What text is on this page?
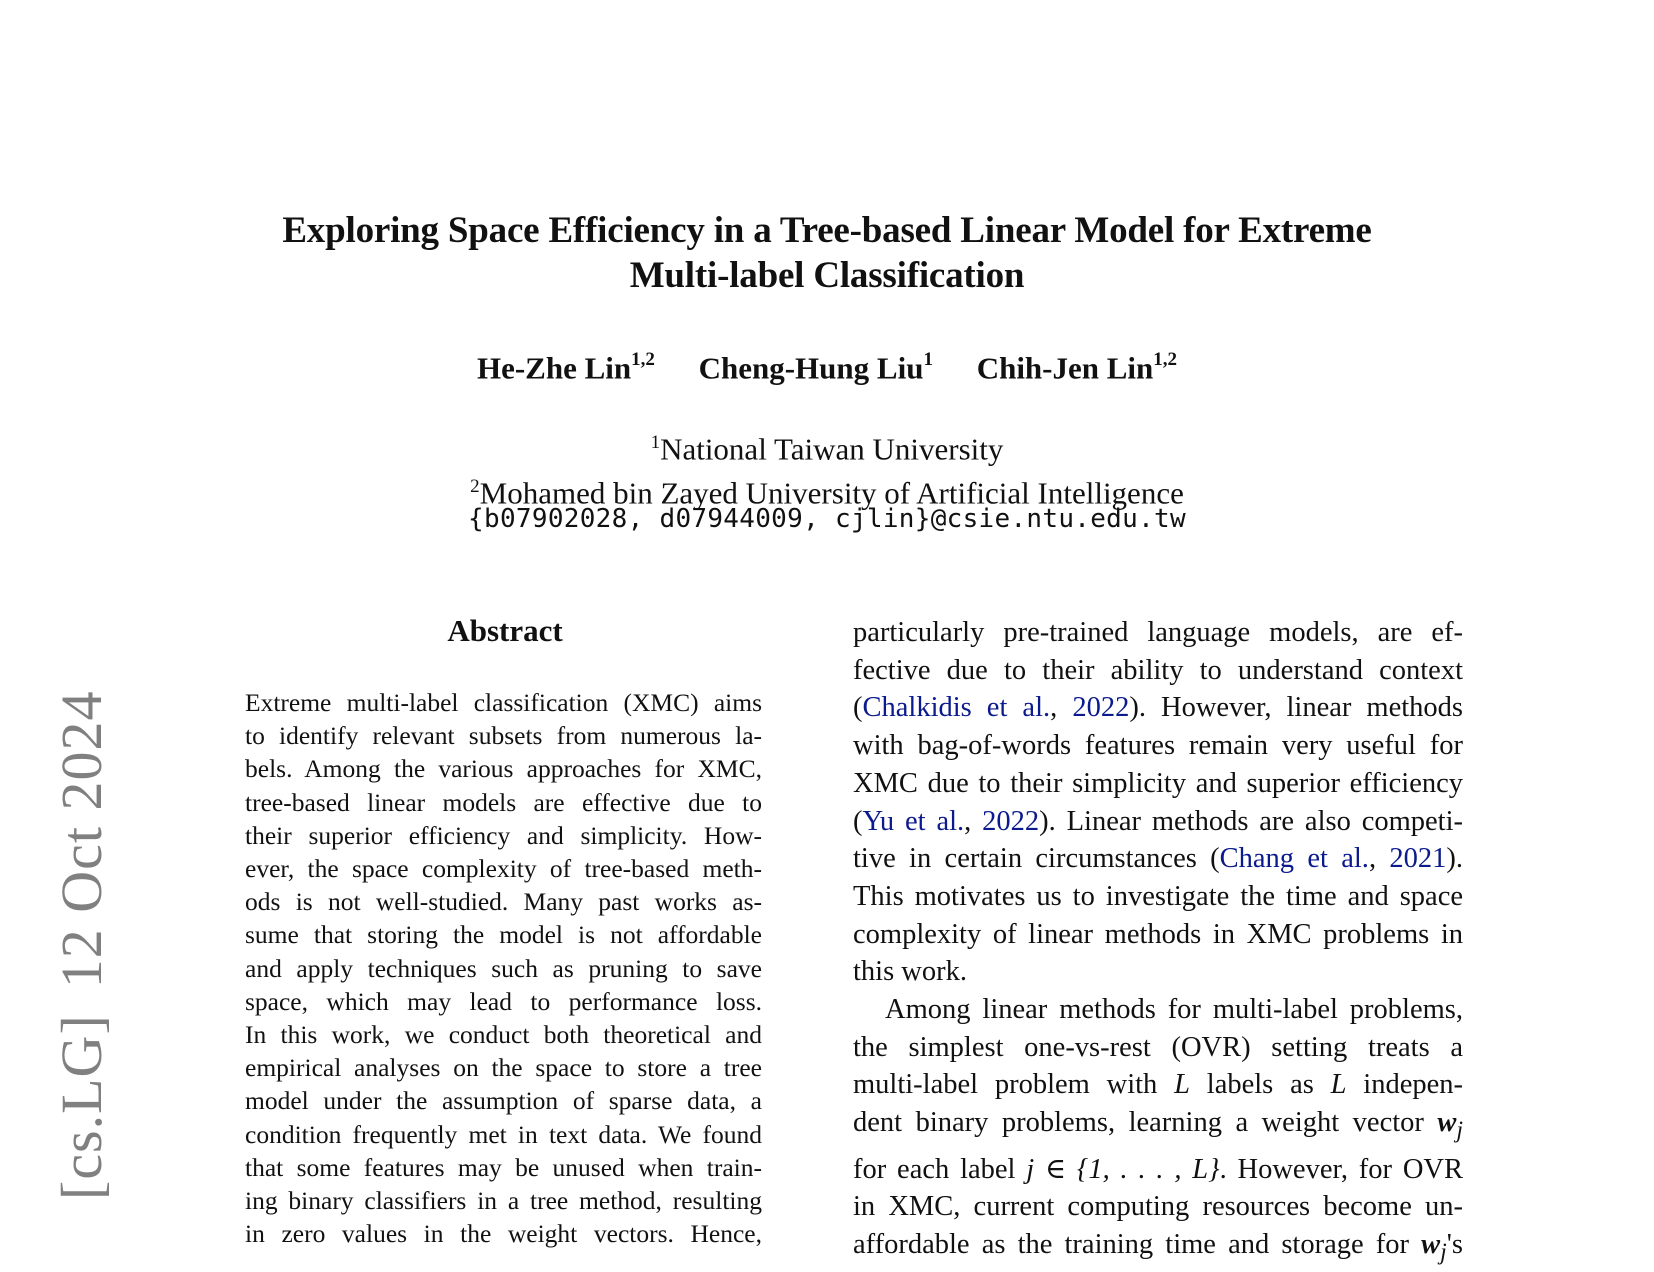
[cs.LG]12 Oct 2024
Exploring Space Efficiency in a Tree-based Linear Model for Extreme
Multi-label Classification
He-Zhe Lin$^{1,2}$ Cheng-Hung Liu$^1$ Chih-Jen Lin$^{1,2}$
$^1$National Taiwan University
$^2$Mohamed bin Zayed University of Artificial Intelligence
{b07902028, d07944009, cjlin}@csie.ntu.edu.tw
Abstract
Extreme multi-label classification (XMC) aims
to identify relevant subsets from numerous la-
bels. Among the various approaches for XMC,
tree-based linear models are effective due to
their superior efficiency and simplicity. How-
ever, the space complexity of tree-based meth-
ods is not well-studied. Many past works as-
sume that storing the model is not affordable
and apply techniques such as pruning to save
space, which may lead to performance loss.
In this work, we conduct both theoretical and
empirical analyses on the space to store a tree
model under the assumption of sparse data, a
condition frequently met in text data. We found
that some features may be unused when train-
ing binary classifiers in a tree method, resulting
in zero values in the weight vectors. Hence,
particularly pre-trained language models, are ef-
fective due to their ability to understand context
(Chalkidis et al., 2022). However, linear methods
with bag-of-words features remain very useful for
XMC due to their simplicity and superior efficiency
(Yu et al., 2022). Linear methods are also competi-
tive in certain circumstances (Chang et al., 2021).
This motivates us to investigate the time and space
complexity of linear methods in XMC problems in
this work.
Among linear methods for multi-label problems,
the simplest one-vs-rest (OVR) setting treats a
multi-label problem with L labels as L indepen-
dent binary problems, learning a weight vector $w_j$
for each label j ∈ {1, . . . , L}. However, for OVR
in XMC, current computing resources become un-
affordable as the training time and storage for $w_j's$
